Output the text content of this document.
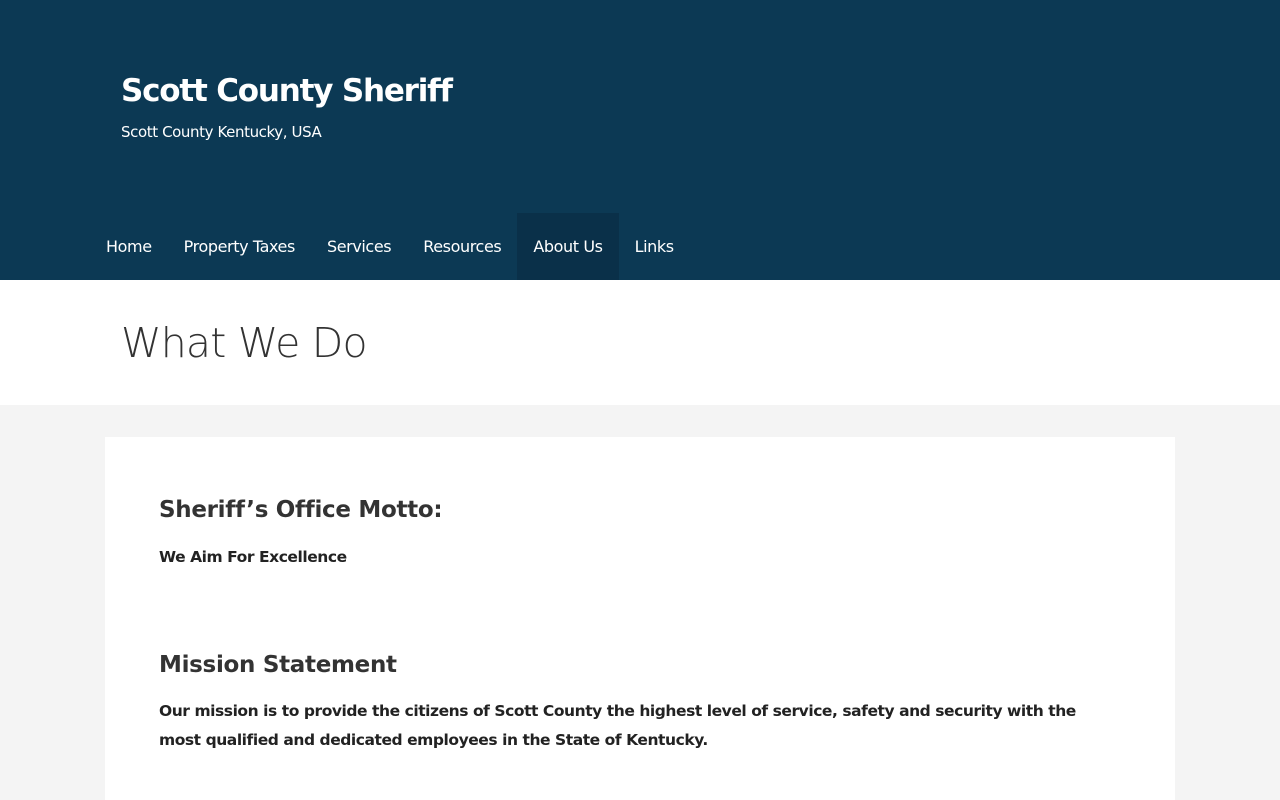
Scott County Sheriff

Scott County Kentucky, USA

Home	Property Taxes	Services	Resources	About Us	Links
What We Do
Sheriff’s Office Motto:

We Aim For Excellence

Mission Statement

Our mission is to provide the citizens of Scott County the highest level of service, safety and security with the most qualified and dedicated employees in the State of Kentucky.
